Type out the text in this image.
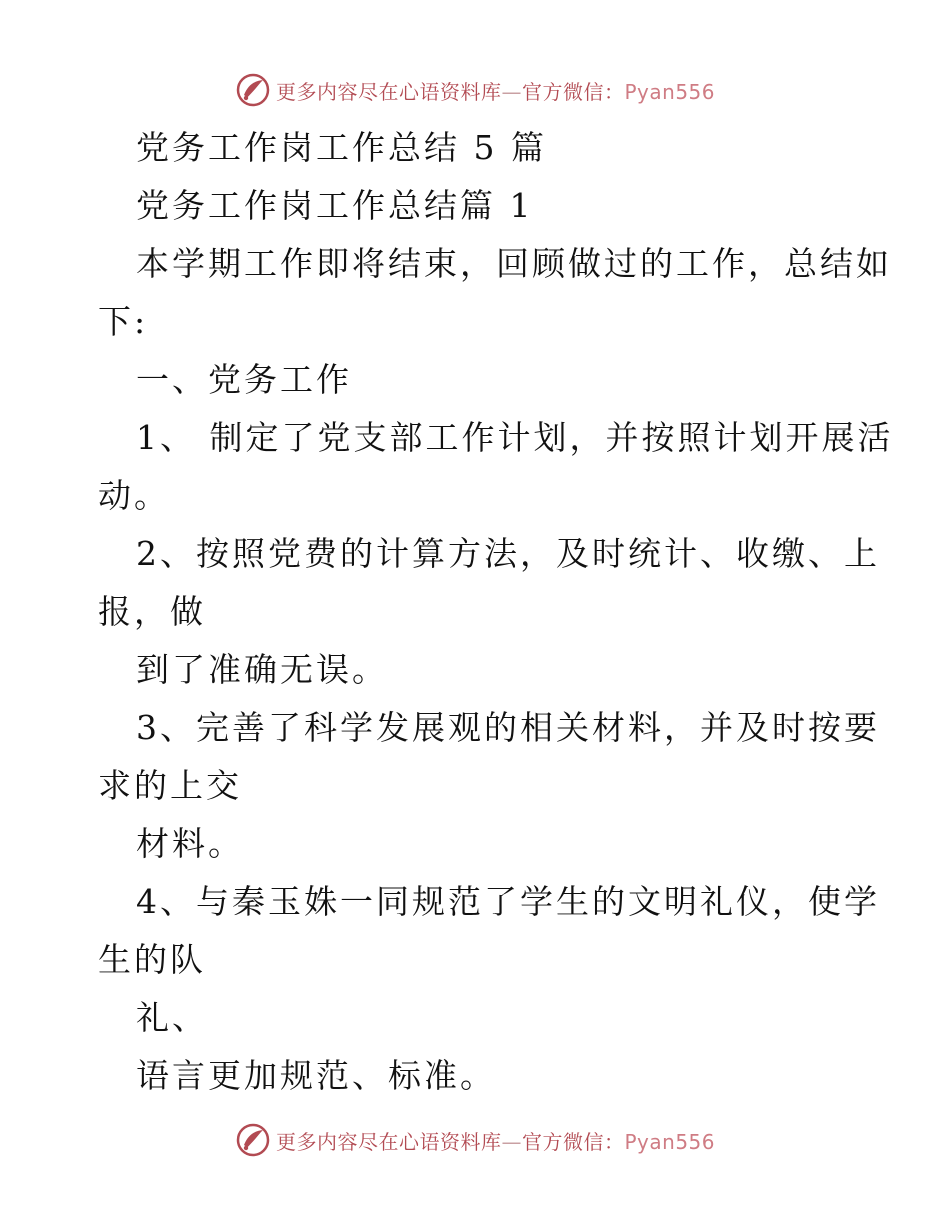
更多内容尽在心语资料库—官方微信：Pyan556
党务工作岗工作总结 5 篇
党务工作岗工作总结篇 1
本学期工作即将结束，回顾做过的工作，总结如
下:
一、党务工作
1、 制定了党支部工作计划，并按照计划开展活
动。
2、按照党费的计算方法，及时统计、收缴、上
报，做
到了准确无误。
3、完善了科学发展观的相关材料，并及时按要
求的上交
材料。
4、与秦玉姝一同规范了学生的文明礼仪，使学
生的队
礼、
语言更加规范、标准。
更多内容尽在心语资料库—官方微信：Pyan556
